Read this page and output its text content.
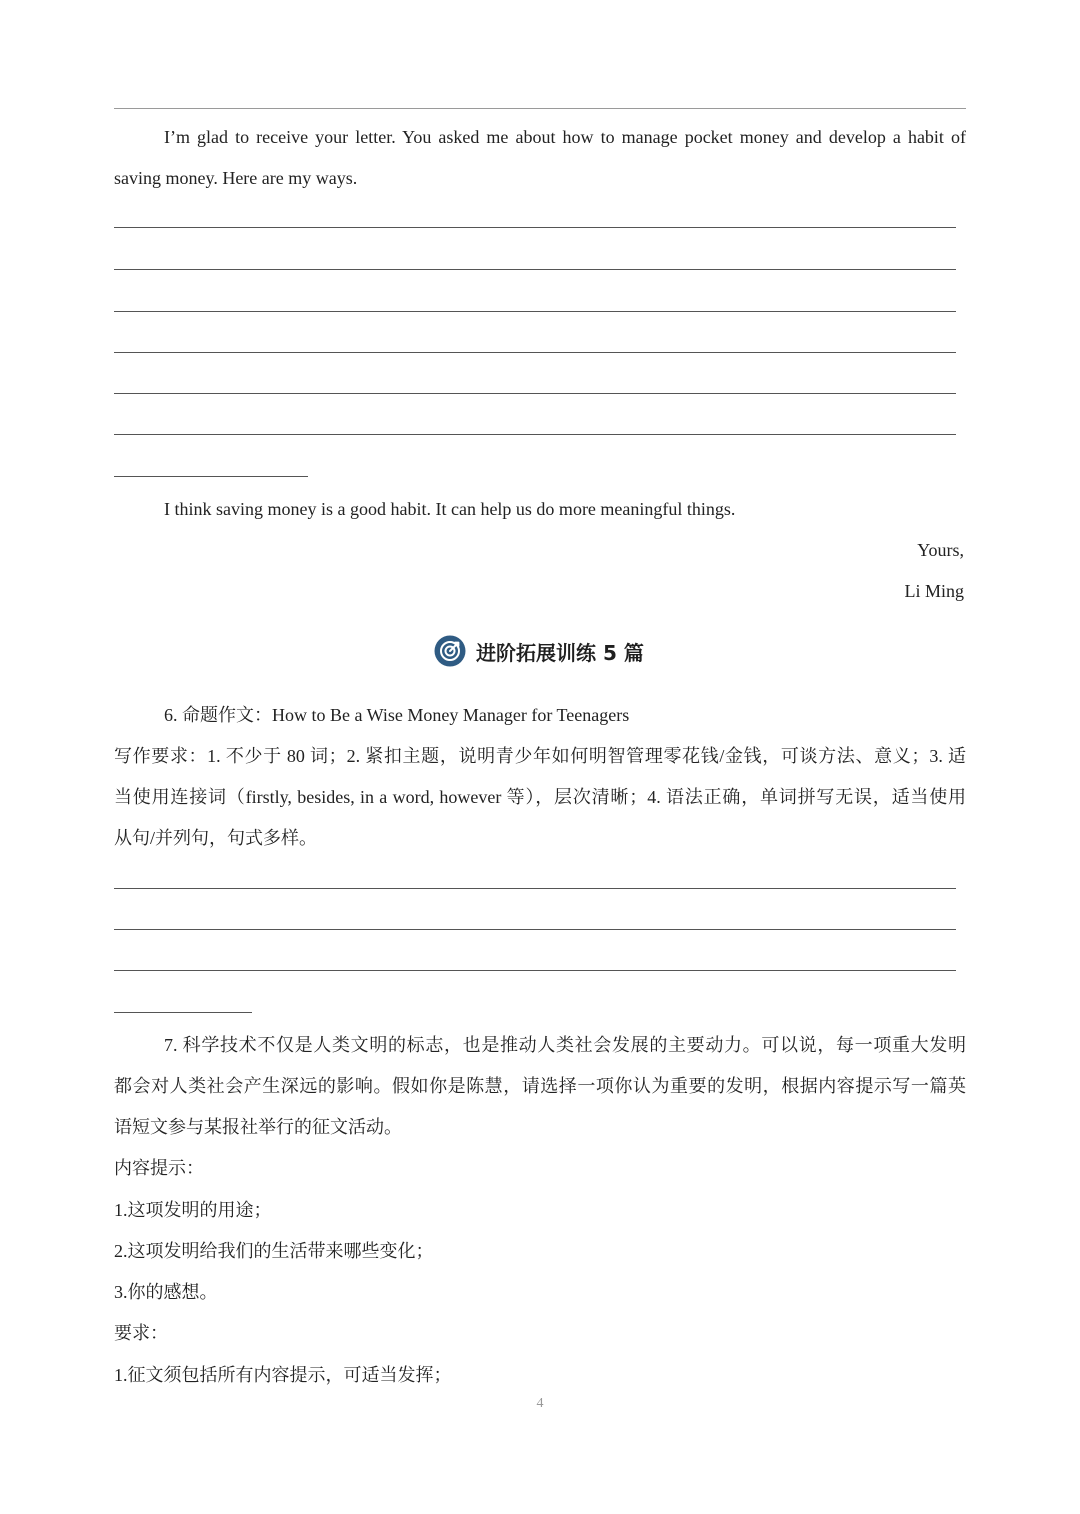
I’m glad to receive your letter. You asked me about how to manage pocket money and develop a habit of
saving money. Here are my ways.
I think saving money is a good habit. It can help us do more meaningful things.
Yours,
Li Ming
进阶拓展训练 5 篇
6. 命题作文：How to Be a Wise Money Manager for Teenagers
写作要求：1. 不少于 80 词；2. 紧扣主题，说明青少年如何明智管理零花钱/金钱，可谈方法、意义；3. 适
当使用连接词（firstly, besides, in a word, however 等），层次清晰；4. 语法正确，单词拼写无误，适当使用
从句/并列句，句式多样。
7. 科学技术不仅是人类文明的标志，也是推动人类社会发展的主要动力。可以说，每一项重大发明
都会对人类社会产生深远的影响。假如你是陈慧，请选择一项你认为重要的发明，根据内容提示写一篇英
语短文参与某报社举行的征文活动。
内容提示：
1.这项发明的用途；
2.这项发明给我们的生活带来哪些变化；
3.你的感想。
要求：
1.征文须包括所有内容提示，可适当发挥；
4
